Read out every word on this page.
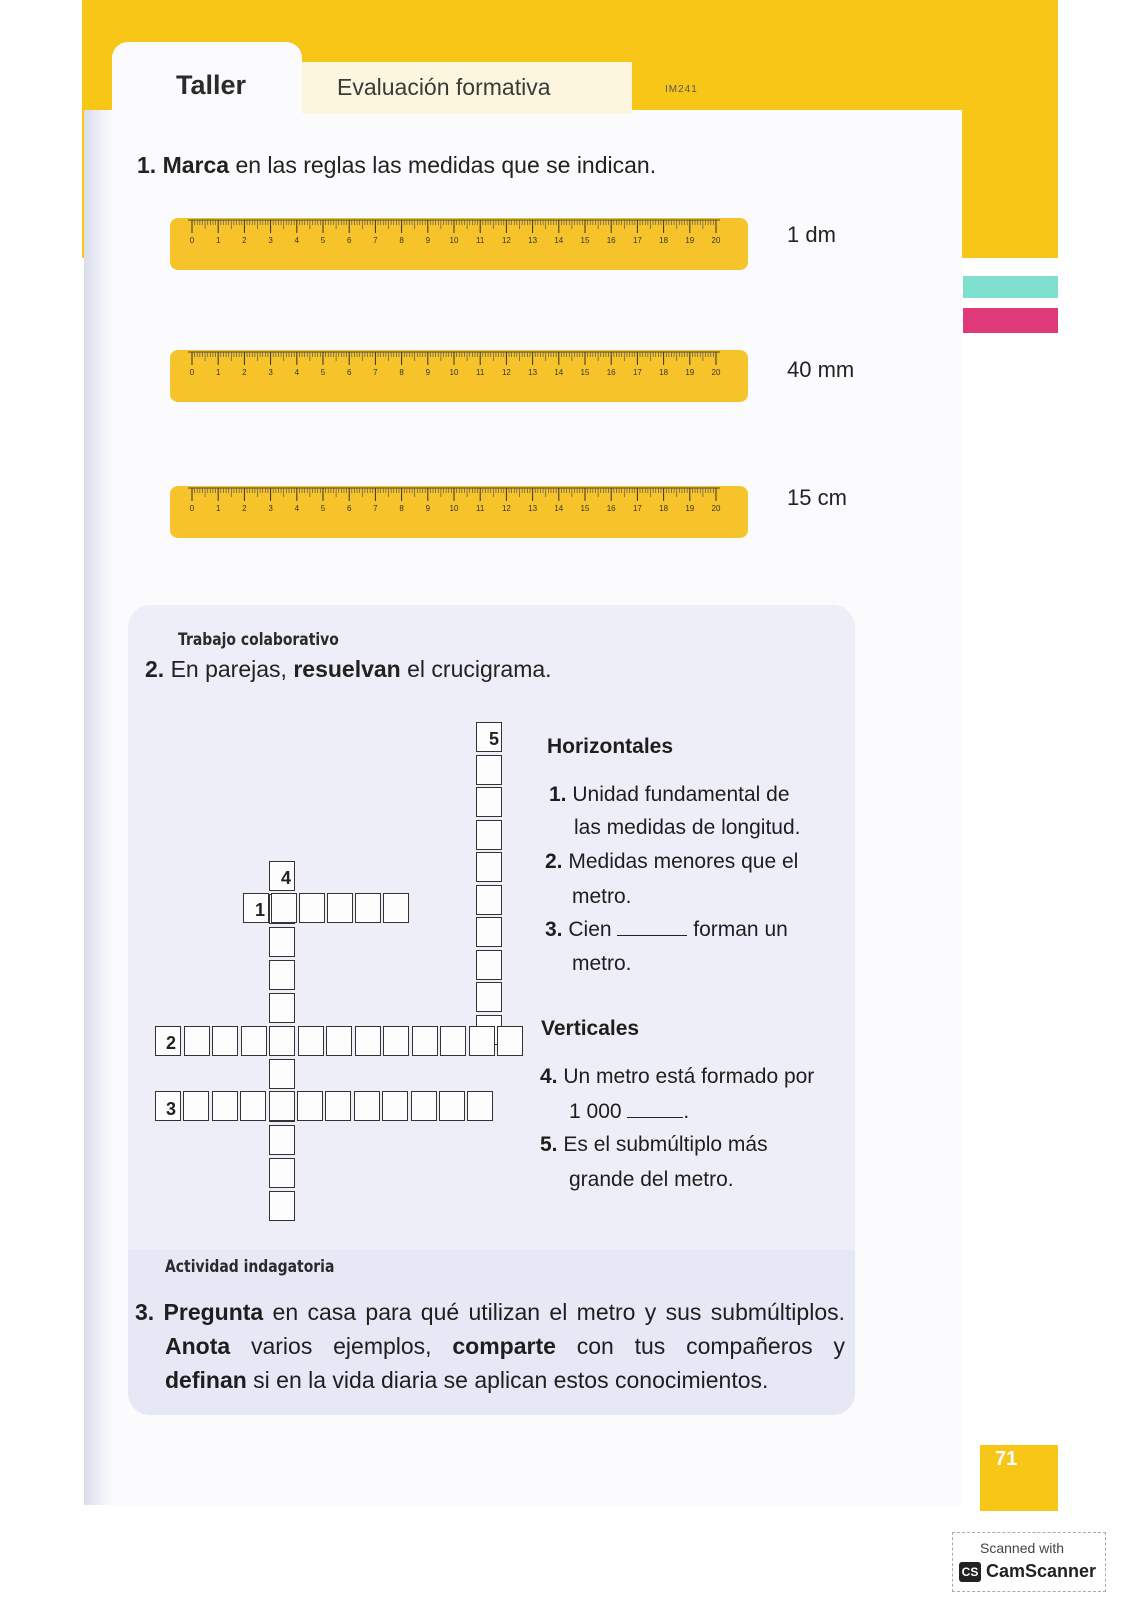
Taller	Evaluación formativa	IM241
1. Marca en las reglas las medidas que se indican.
0	1	2	3	4	5	6	7	8	9 10 11 12 13 14 15 16 17 18 19 20	1 dm
0	1	2	3	4	5	6	7	8	9 10 11 12 13 14 15 16 17 18 19 20	40 mm
0	1	2	3	4	5	6	7	8	9 10 11 12 13 14 15 16 17 18 19 20	15 cm
Trabajo colaborativo
2. En parejas, resuelvan el crucigrama.
5
4
1
2
3
Horizontales
1. Unidad fundamental de
las medidas de longitud.
2. Medidas menores que el
metro.
3. Cien	forman un
metro.
Verticales
4. Un metro está formado por
1 000	.
5. Es el submúltiplo más
grande del metro.
Actividad indagatoria
3. Pregunta en casa para qué utilizan el metro y sus submúltiplos.
Anota varios ejemplos, comparte con tus compañeros y
definan si en la vida diaria se aplican estos conocimientos.
71
Scanned with
CS CamScanner
